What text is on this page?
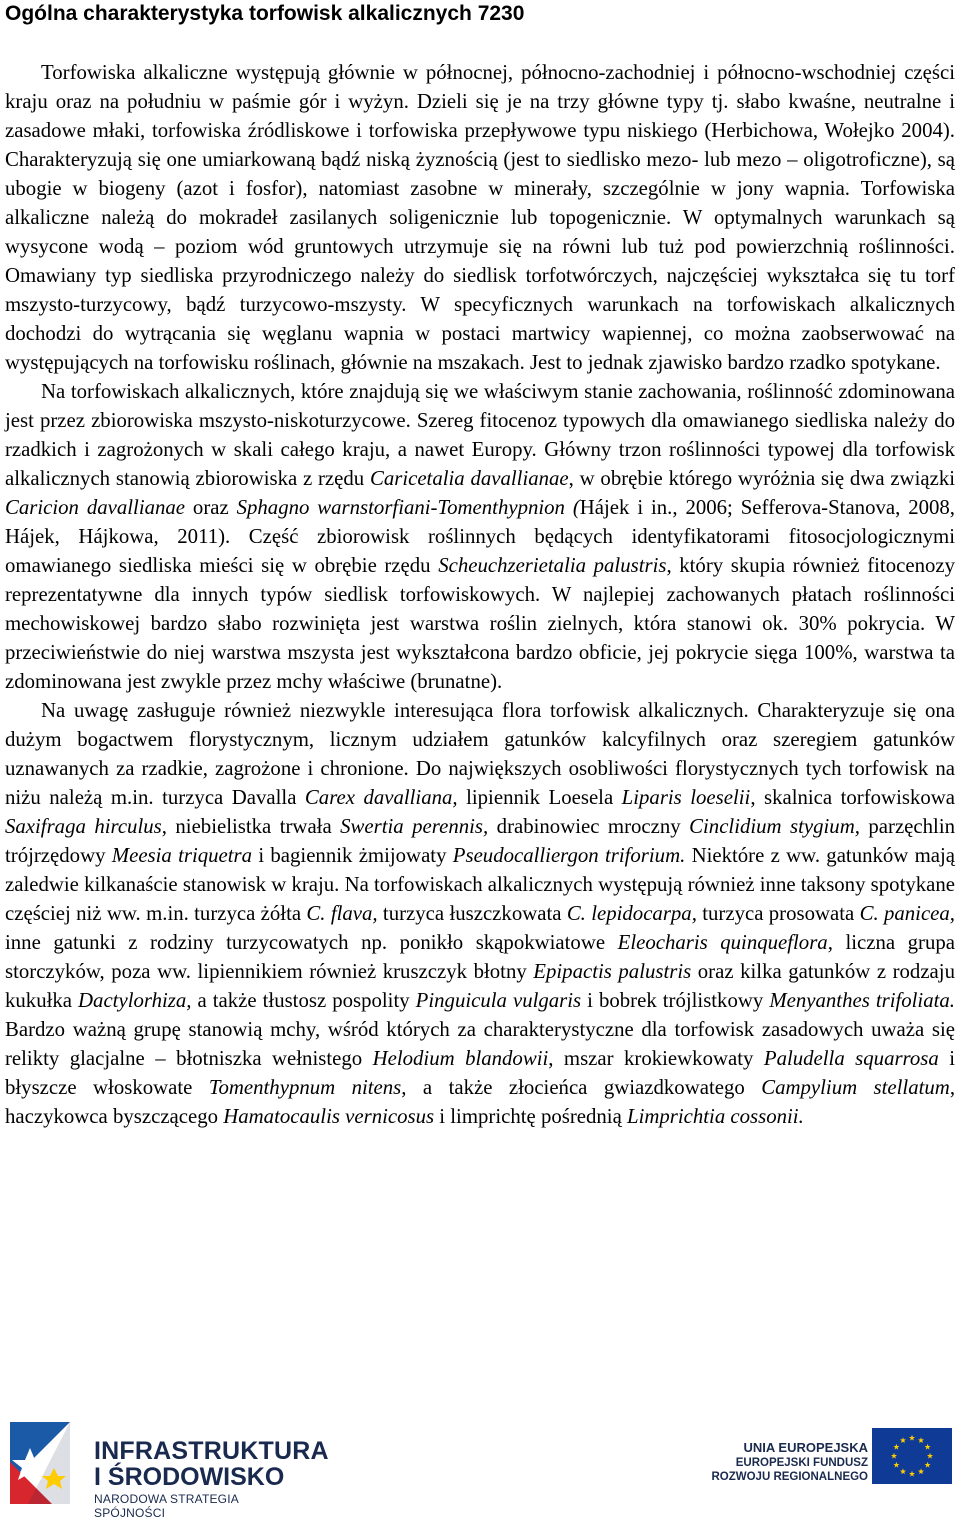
Ogólna charakterystyka torfowisk alkalicznych 7230

Torfowiska alkaliczne występują głównie w północnej, północno-zachodniej i północno-wschodniej części kraju oraz na południu w paśmie gór i wyżyn. Dzieli się je na trzy główne typy tj. słabo kwaśne, neutralne i zasadowe młaki, torfowiska źródliskowe i torfowiska przepływowe typu niskiego (Herbichowa, Wołejko 2004). Charakteryzują się one umiarkowaną bądź niską żyznością (jest to siedlisko mezo- lub mezo – oligotroficzne), są ubogie w biogeny (azot i fosfor), natomiast zasobne w minerały, szczególnie w jony wapnia. Torfowiska alkaliczne należą do mokradeł zasilanych soligenicznie lub topogenicznie. W optymalnych warunkach są wysycone wodą – poziom wód gruntowych utrzymuje się na równi lub tuż pod powierzchnią roślinności. Omawiany typ siedliska przyrodniczego należy do siedlisk torfotwórczych, najczęściej wykształca się tu torf mszysto-turzycowy, bądź turzycowo-mszysty. W specyficznych warunkach na torfowiskach alkalicznych dochodzi do wytrącania się węglanu wapnia w postaci martwicy wapiennej, co można zaobserwować na występujących na torfowisku roślinach, głównie na mszakach. Jest to jednak zjawisko bardzo rzadko spotykane.

Na torfowiskach alkalicznych, które znajdują się we właściwym stanie zachowania, roślinność zdominowana jest przez zbiorowiska mszysto-niskoturzycowe. Szereg fitocenoz typowych dla omawianego siedliska należy do rzadkich i zagrożonych w skali całego kraju, a nawet Europy. Główny trzon roślinności typowej dla torfowisk alkalicznych stanowią zbiorowiska z rzędu Caricetalia davallianae, w obrębie którego wyróżnia się dwa związki Caricion davallianae oraz Sphagno warnstorfiani-Tomenthypnion (Hájek i in., 2006; Sefferova-Stanova, 2008, Hájek, Hájkowa, 2011). Część zbiorowisk roślinnych będących identyfikatorami fitosocjologicznymi omawianego siedliska mieści się w obrębie rzędu Scheuchzerietalia palustris, który skupia również fitocenozy reprezentatywne dla innych typów siedlisk torfowiskowych. W najlepiej zachowanych płatach roślinności mechowiskowej bardzo słabo rozwinięta jest warstwa roślin zielnych, która stanowi ok. 30% pokrycia. W przeciwieństwie do niej warstwa mszysta jest wykształcona bardzo obficie, jej pokrycie sięga 100%, warstwa ta zdominowana jest zwykle przez mchy właściwe (brunatne).

Na uwagę zasługuje również niezwykle interesująca flora torfowisk alkalicznych. Charakteryzuje się ona dużym bogactwem florystycznym, licznym udziałem gatunków kalcyfilnych oraz szeregiem gatunków uznawanych za rzadkie, zagrożone i chronione. Do największych osobliwości florystycznych tych torfowisk na niżu należą m.in. turzyca Davalla Carex davalliana, lipiennik Loesela Liparis loeselii, skalnica torfowiskowa Saxifraga hirculus, niebielistka trwała Swertia perennis, drabinowiec mroczny Cinclidium stygium, parzęchlin trójrzędowy Meesia triquetra i bagiennik żmijowaty Pseudocalliergon triforium. Niektóre z ww. gatunków mają zaledwie kilkanaście stanowisk w kraju. Na torfowiskach alkalicznych występują również inne taksony spotykane częściej niż ww. m.in. turzyca żółta C. flava, turzyca łuszczkowata C. lepidocarpa, turzyca prosowata C. panicea, inne gatunki z rodziny turzycowatych np. ponikło skąpokwiatowe Eleocharis quinqueflora, liczna grupa storczyków, poza ww. lipiennikiem również kruszczyk błotny Epipactis palustris oraz kilka gatunków z rodzaju kukułka Dactylorhiza, a także tłustosz pospolity Pinguicula vulgaris i bobrek trójlistkowy Menyanthes trifoliata. Bardzo ważną grupę stanowią mchy, wśród których za charakterystyczne dla torfowisk zasadowych uważa się relikty glacjalne – błotniszka wełnistego Helodium blandowii, mszar krokiewkowaty Paludella squarrosa i błyszcze włoskowate Tomenthypnum nitens, a także złocieńca gwiazdkowatego Campylium stellatum, haczykowca byszczącego Hamatocaulis vernicosus i limprichtę pośrednią Limprichtia cossonii.

INFRASTRUKTURA
I ŚRODOWISKO
NARODOWA STRATEGIA SPÓJNOŚCI
UNIA EUROPEJSKA
EUROPEJSKI FUNDUSZ
ROZWOJU REGIONALNEGO
